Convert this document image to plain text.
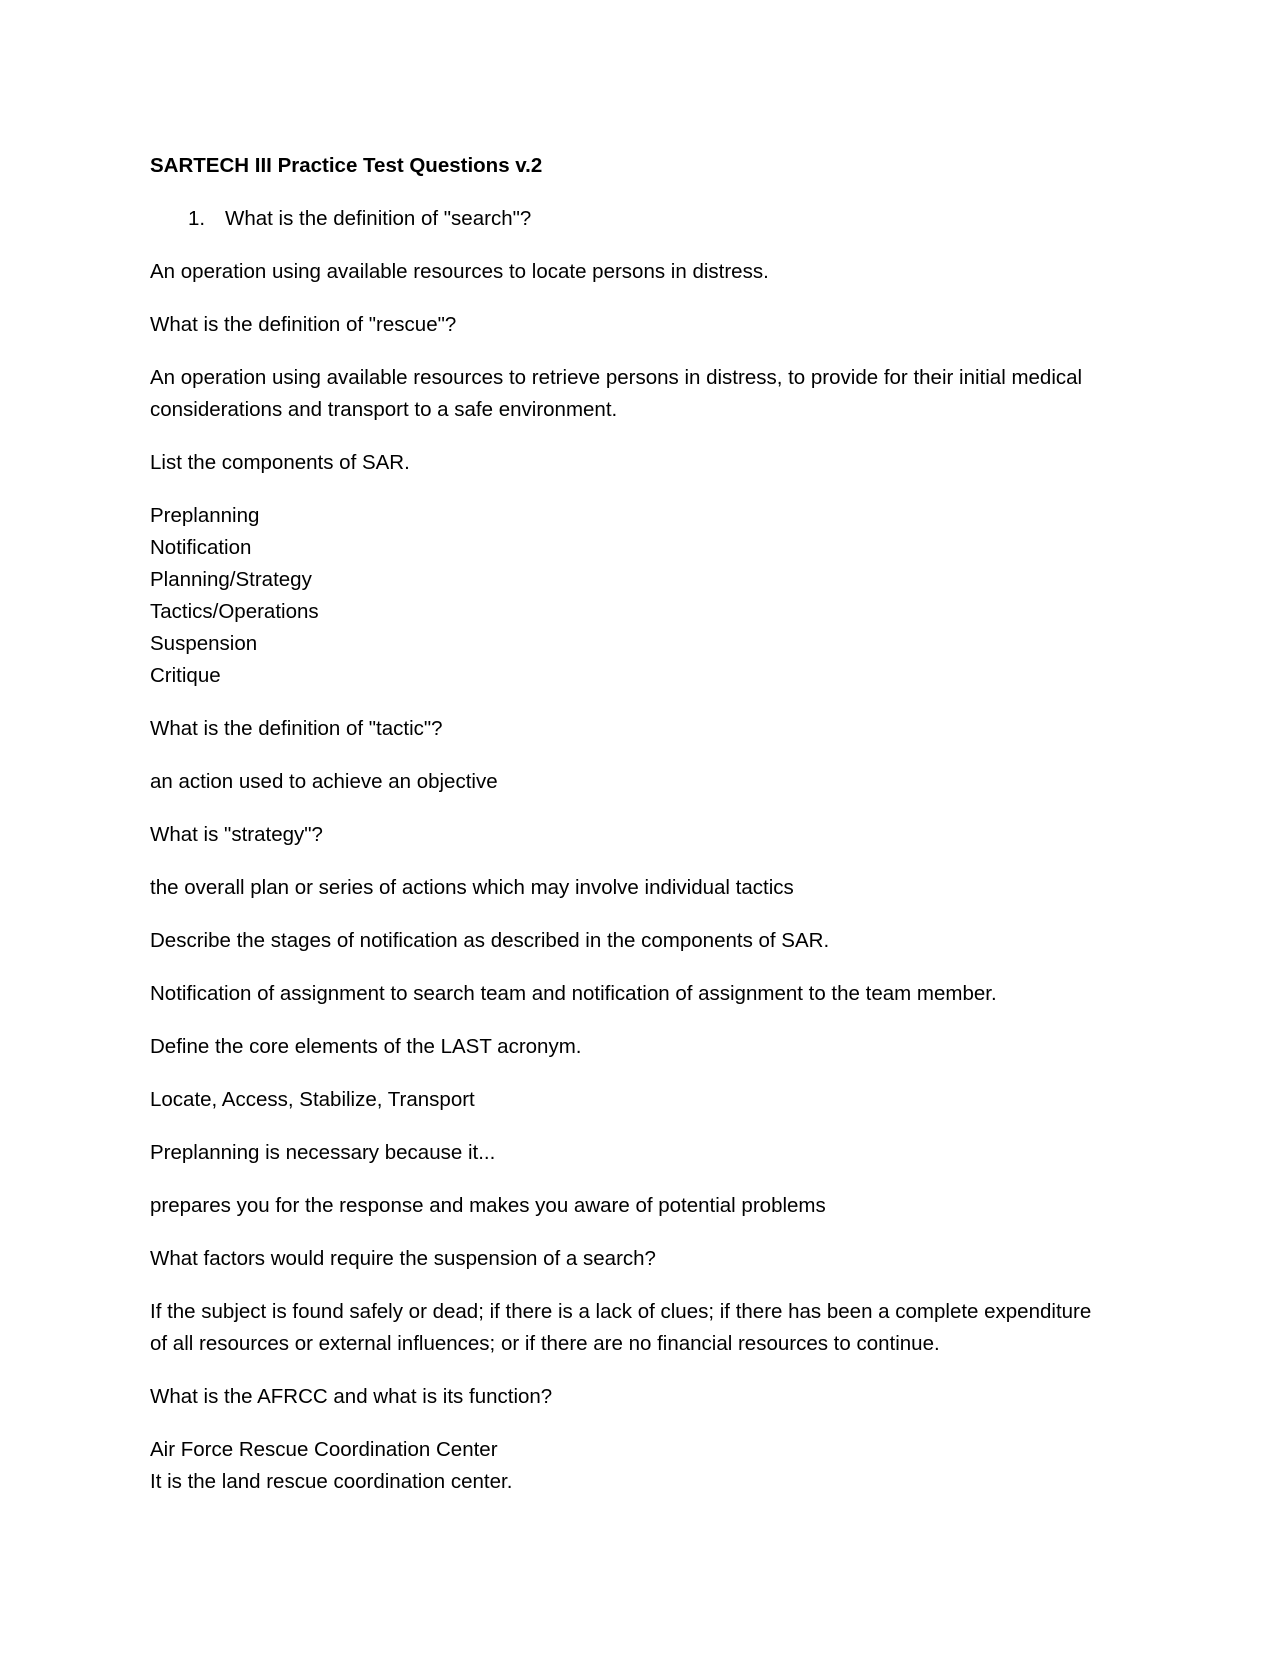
SARTECH III Practice Test Questions v.2
1. What is the definition of "search"?
An operation using available resources to locate persons in distress.
What is the definition of "rescue"?
An operation using available resources to retrieve persons in distress, to provide for their initial medical
considerations and transport to a safe environment.
List the components of SAR.
Preplanning
Notification
Planning/Strategy
Tactics/Operations
Suspension
Critique
What is the definition of "tactic"?
an action used to achieve an objective
What is "strategy"?
the overall plan or series of actions which may involve individual tactics
Describe the stages of notification as described in the components of SAR.
Notification of assignment to search team and notification of assignment to the team member.
Define the core elements of the LAST acronym.
Locate, Access, Stabilize, Transport
Preplanning is necessary because it...
prepares you for the response and makes you aware of potential problems
What factors would require the suspension of a search?
If the subject is found safely or dead; if there is a lack of clues; if there has been a complete expenditure
of all resources or external influences; or if there are no financial resources to continue.
What is the AFRCC and what is its function?
Air Force Rescue Coordination Center
It is the land rescue coordination center.
